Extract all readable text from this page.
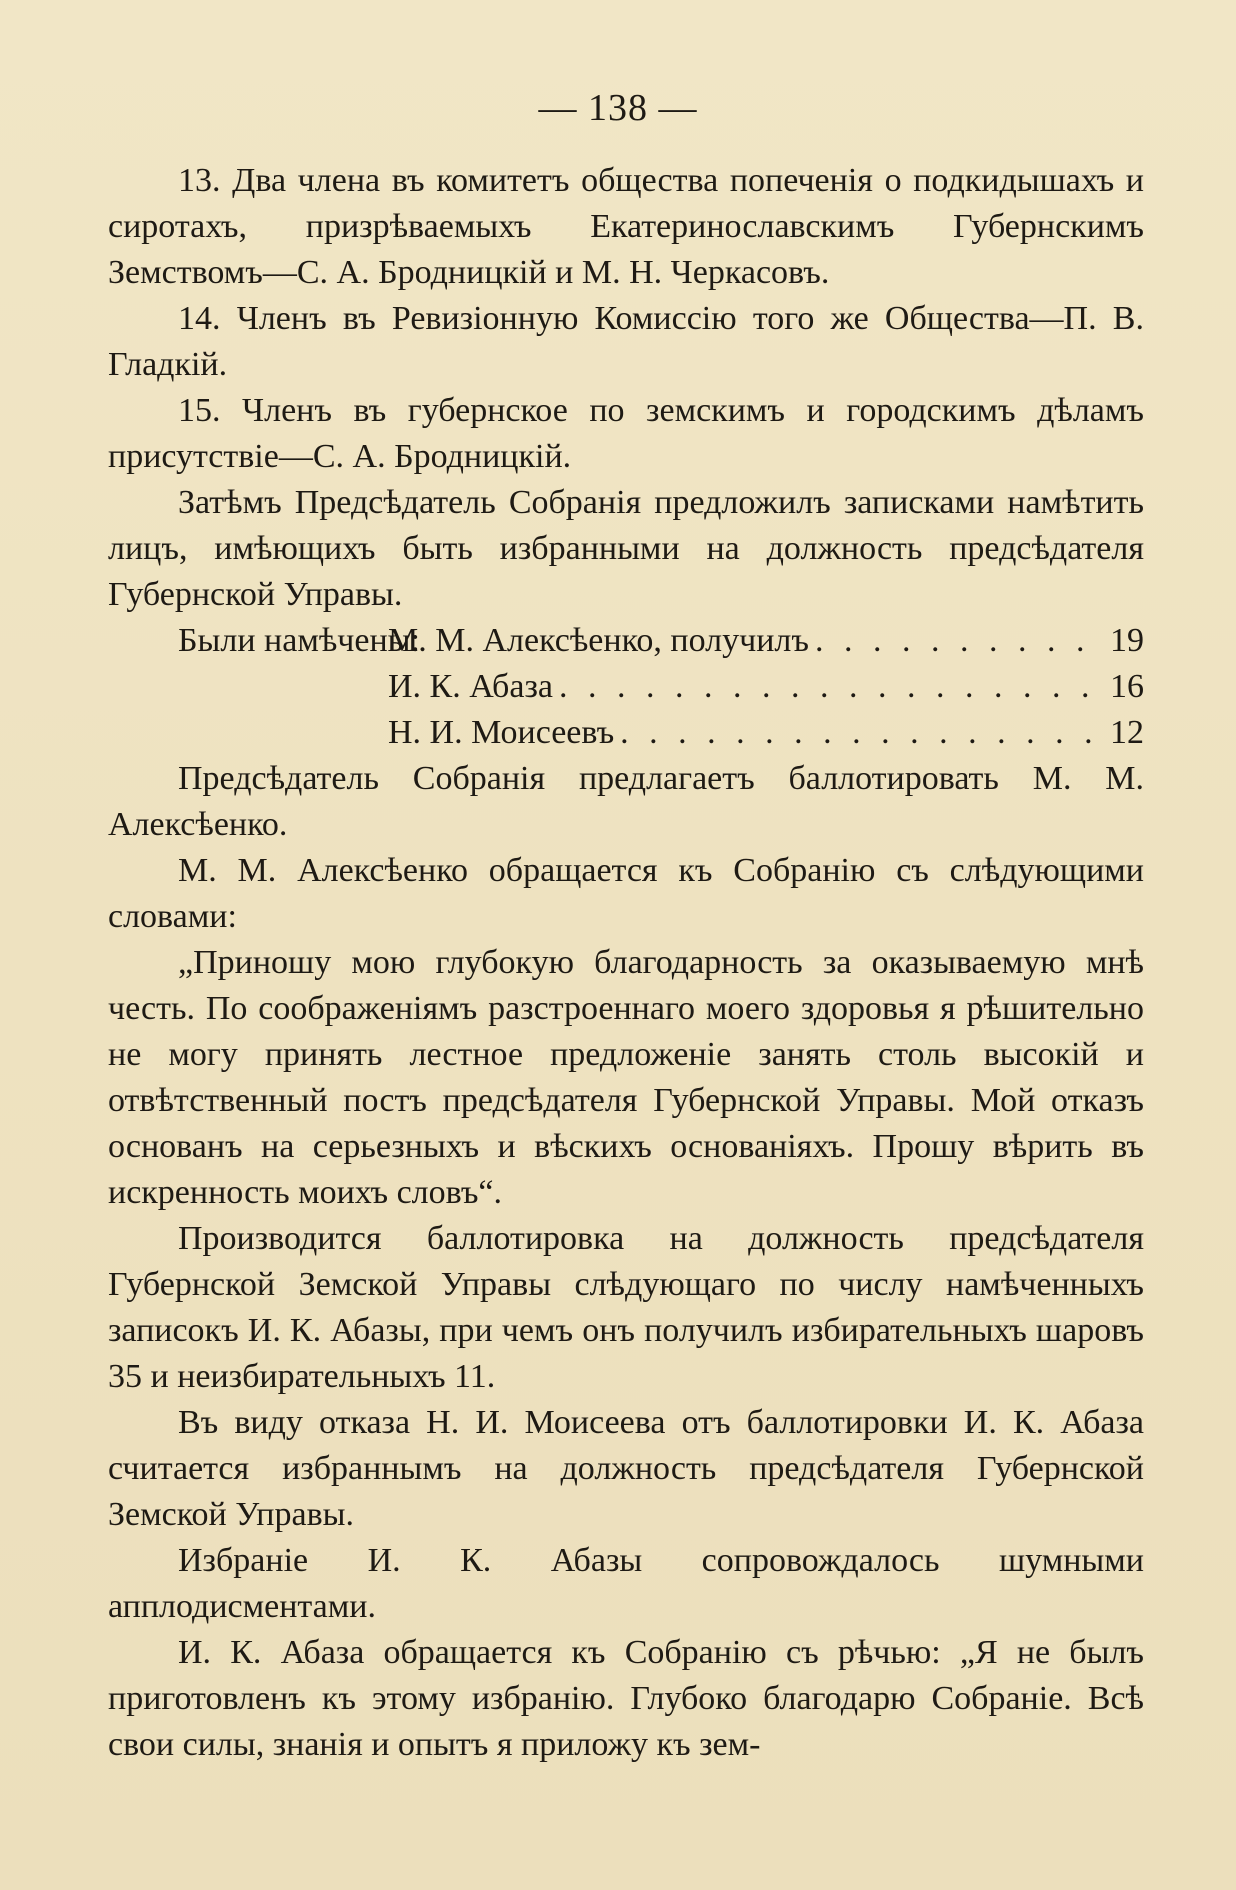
— 138 —

13. Два члена въ комитетъ общества попеченія о подкидышахъ и сиротахъ, призрѣваемыхъ Екатеринославскимъ Губернскимъ Земствомъ—С. А. Бродницкій и М. Н. Черкасовъ.

14. Членъ въ Ревизіонную Комиссію того же Общества—П. В. Гладкій.

15. Членъ въ губернское по земскимъ и городскимъ дѣламъ присутствіе—С. А. Бродницкій.

Затѣмъ Предсѣдатель Собранія предложилъ записками намѣтить лицъ, имѣющихъ быть избранными на должность предсѣдателя Губернской Управы.

Были намѣчены:
М. М. Алексѣенко, получилъ . . .	19
И. К. Абаза . . .	16
Н. И. Моисеевъ . . .	12

Предсѣдатель Собранія предлагаетъ баллотировать М. М. Алексѣенко.

М. М. Алексѣенко обращается къ Собранію съ слѣдующими словами:

„Приношу мою глубокую благодарность за оказываемую мнѣ честь. По соображеніямъ разстроеннаго моего здоровья я рѣшительно не могу принять лестное предложеніе занять столь высокій и отвѣтственный постъ предсѣдателя Губернской Управы. Мой отказъ основанъ на серьезныхъ и вѣскихъ основаніяхъ. Прошу вѣрить въ искренность моихъ словъ“.

Производится баллотировка на должность предсѣдателя Губернской Земской Управы слѣдующаго по числу намѣченныхъ записокъ И. К. Абазы, при чемъ онъ получилъ избирательныхъ шаровъ 35 и неизбирательныхъ 11.

Въ виду отказа Н. И. Моисеева отъ баллотировки И. К. Абаза считается избраннымъ на должность предсѣдателя Губернской Земской Управы.

Избраніе И. К. Абазы сопровождалось шумными апплодисментами.

И. К. Абаза обращается къ Собранію съ рѣчью: „Я не былъ приготовленъ къ этому избранію. Глубоко благодарю Собраніе. Всѣ свои силы, знанія и опытъ я приложу къ зем-
